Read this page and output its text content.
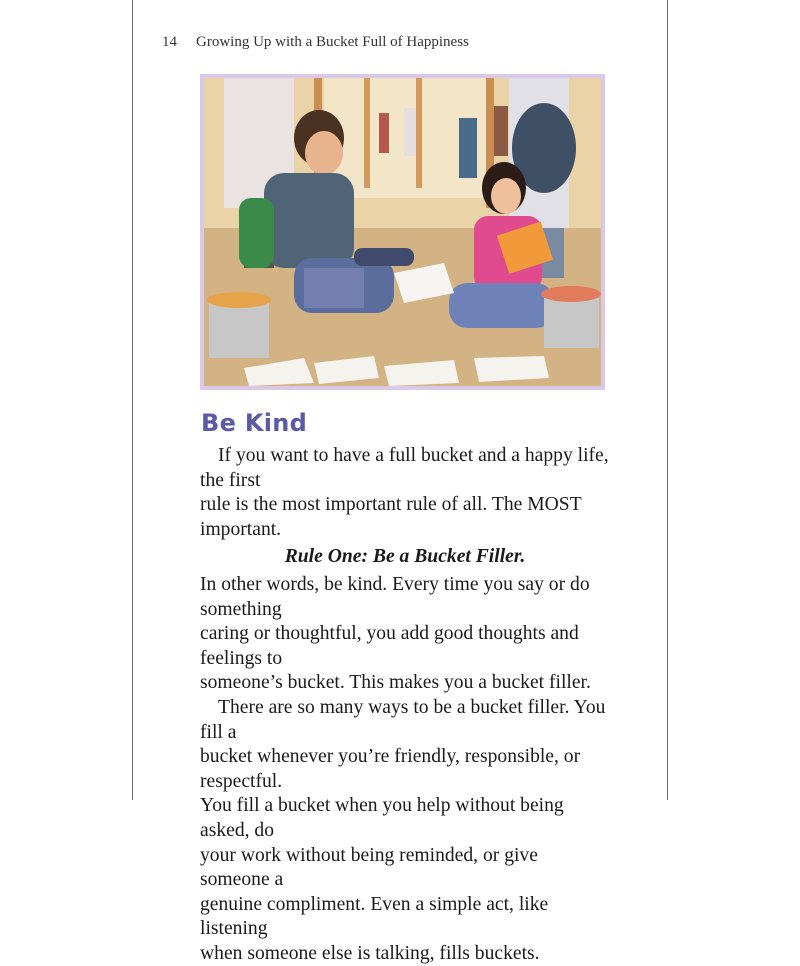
14 Growing Up with a Bucket Full of Happiness
Be Kind

If you want to have a full bucket and a happy life, the first

rule is the most important rule of all. The MOST important.

Rule One: Be a Bucket Filler.

In other words, be kind. Every time you say or do something

caring or thoughtful, you add good thoughts and feelings to

someone’s bucket. This makes you a bucket filler.

There are so many ways to be a bucket filler. You fill a

bucket whenever you’re friendly, responsible, or respectful.

You fill a bucket when you help without being asked, do

your work without being reminded, or give someone a

genuine compliment. Even a simple act, like listening

when someone else is talking, fills buckets.
